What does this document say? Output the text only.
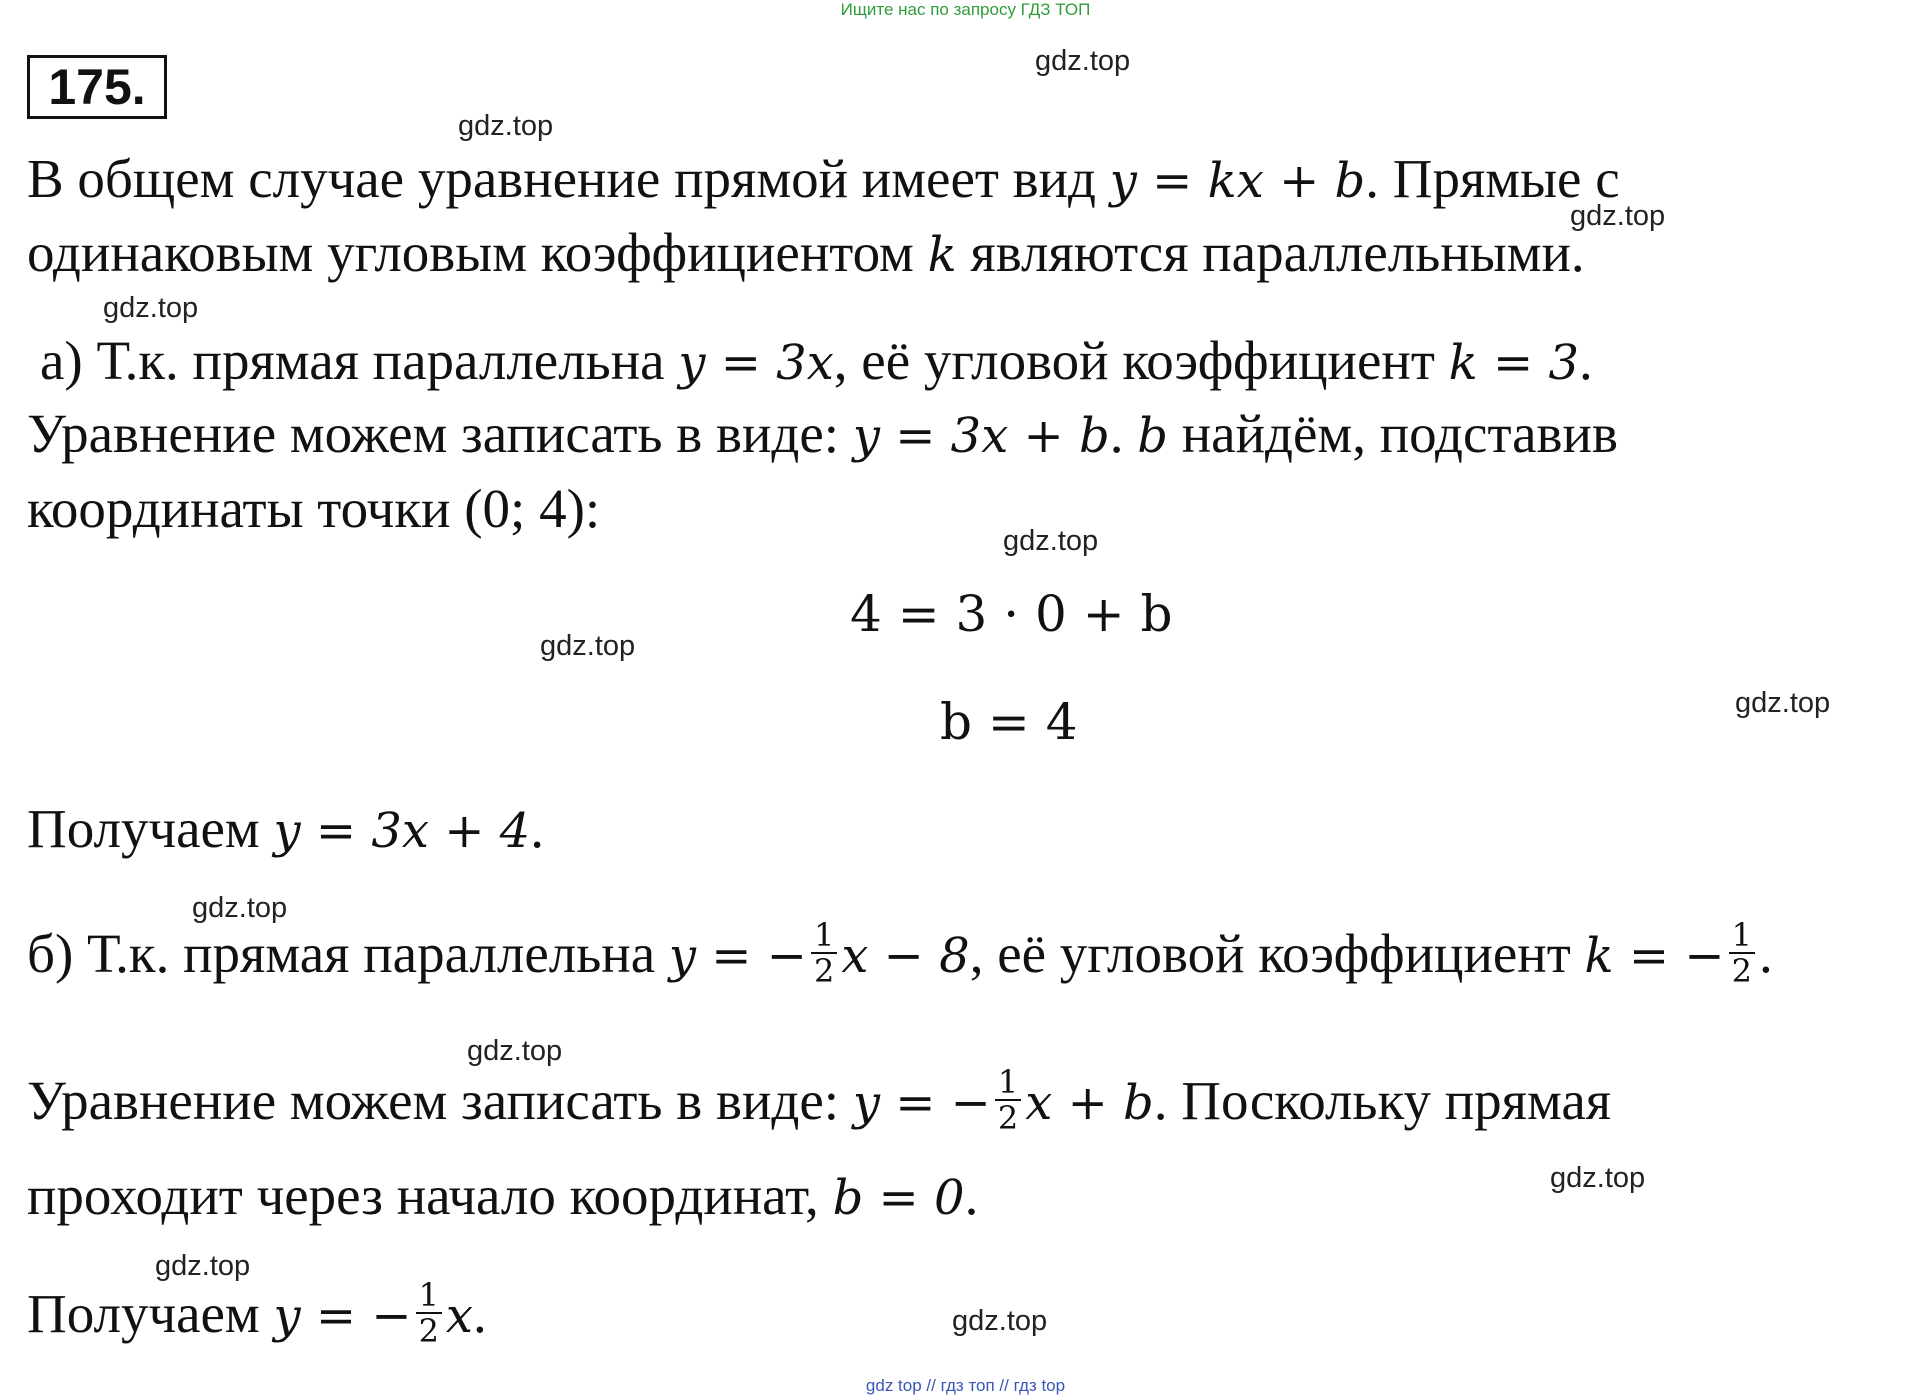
Ищите нас по запросу ГДЗ ТОП
175.	gdz.top
gdz.top
gdz.top
gdz.top
gdz.top
gdz.top
gdz.top
gdz.top
gdz.top
gdz.top
gdz.top
gdz.top
В общем случае уравнение прямой имеет вид y = kx + b. Прямые с
одинаковым угловым коэффициентом k являются параллельными.
а) Т.к. прямая параллельна y = 3x, её угловой коэффициент k = 3.
Уравнение можем записать в виде: y = 3x + b. b найдём, подставив
координаты точки (0; 4):
4 = 3 · 0 + b
b = 4
Получаем y = 3x + 4.
б) Т.к. прямая параллельна y = − $\frac{1}{2}$ x − 8, её угловой коэффициент k = − $\frac{1}{2}$ .
Уравнение можем записать в виде: y = − $\frac{1}{2}$ x + b. Поскольку прямая
проходит через начало координат, b = 0.
Получаем y = − $\frac{1}{2} x$.
gdz top // гдз топ // гдз top
